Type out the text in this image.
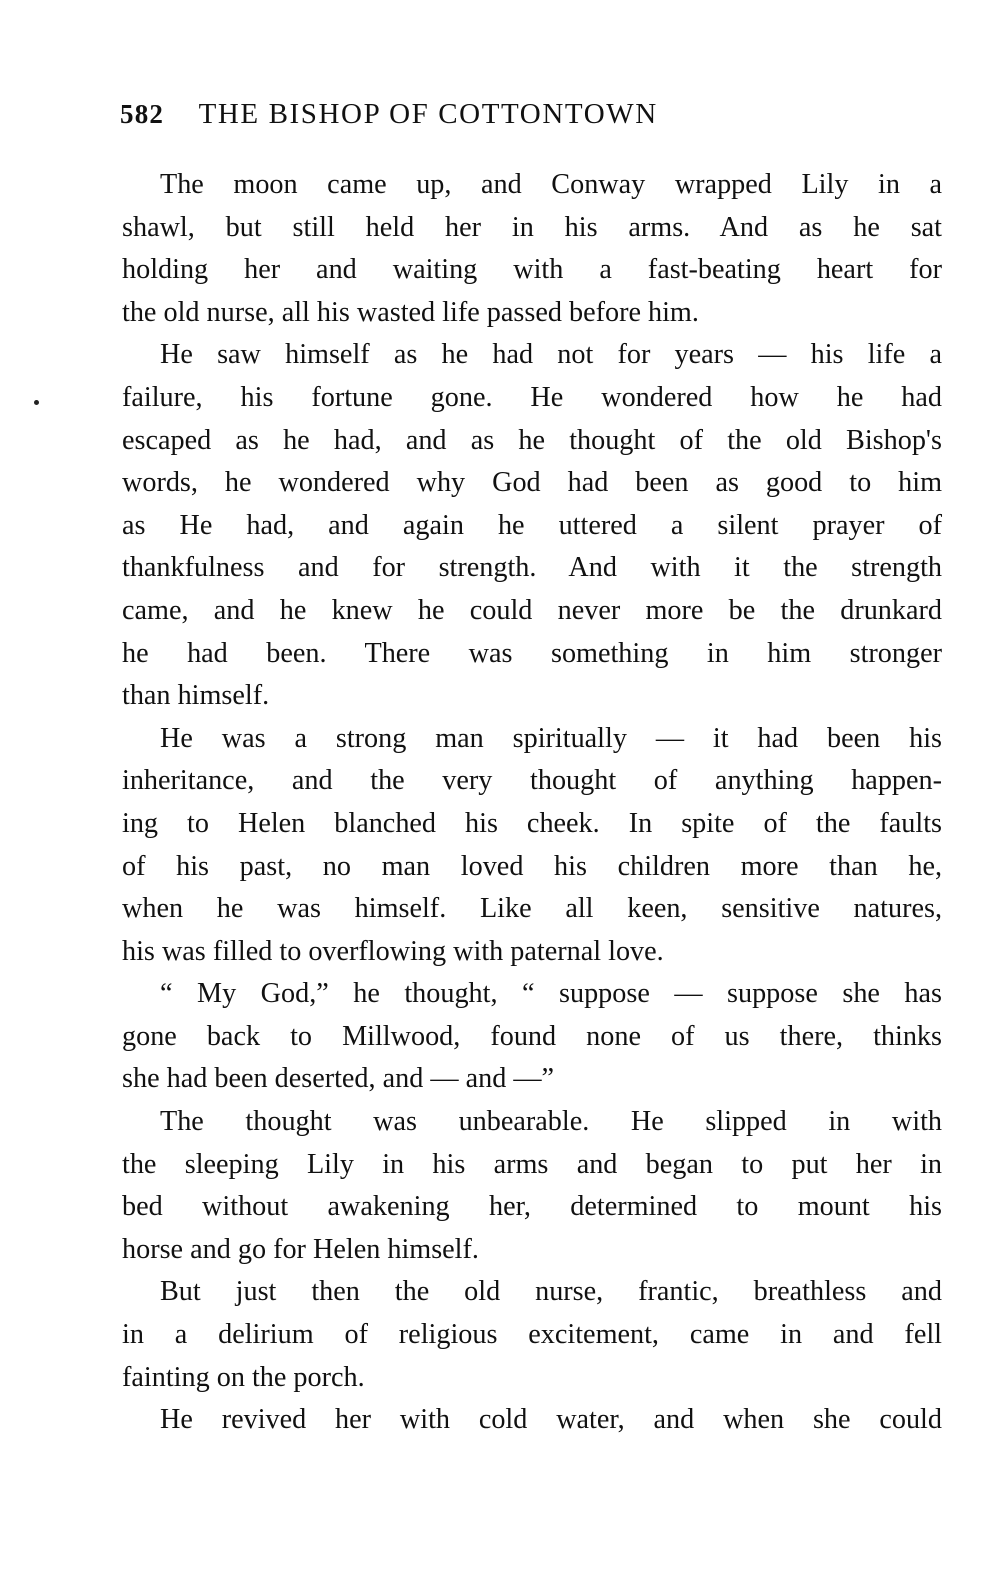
582 THE BISHOP OF COTTONTOWN

The moon came up, and Conway wrapped Lily in a
shawl, but still held her in his arms. And as he sat
holding her and waiting with a fast-beating heart for
the old nurse, all his wasted life passed before him.

He saw himself as he had not for years — his life a
failure, his fortune gone. He wondered how he had
escaped as he had, and as he thought of the old Bishop's
words, he wondered why God had been as good to him
as He had, and again he uttered a silent prayer of
thankfulness and for strength. And with it the strength
came, and he knew he could never more be the drunkard
he had been. There was something in him stronger
than himself.

He was a strong man spiritually — it had been his
inheritance, and the very thought of anything happen-
ing to Helen blanched his cheek. In spite of the faults
of his past, no man loved his children more than he,
when he was himself. Like all keen, sensitive natures,
his was filled to overflowing with paternal love.

“ My God,” he thought, “ suppose — suppose she has
gone back to Millwood, found none of us there, thinks
she had been deserted, and — and —”

The thought was unbearable. He slipped in with
the sleeping Lily in his arms and began to put her in
bed without awakening her, determined to mount his
horse and go for Helen himself.

But just then the old nurse, frantic, breathless and
in a delirium of religious excitement, came in and fell
fainting on the porch.

He revived her with cold water, and when she could
